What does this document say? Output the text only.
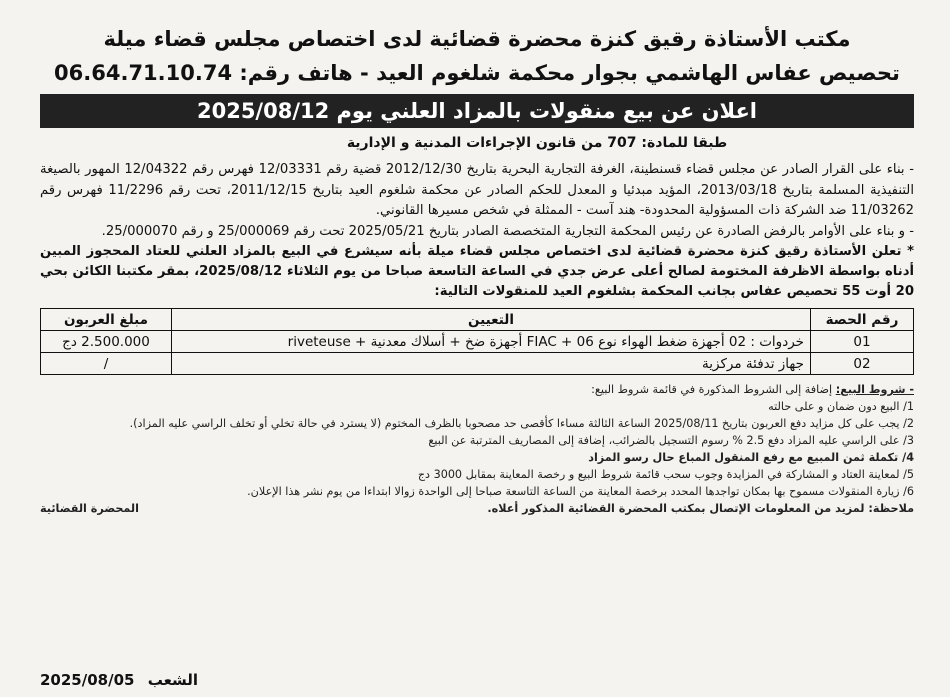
مكتب الأستاذة رقيق كنزة محضرة قضائية لدى اختصاص مجلس قضاء ميلة
تحصيص عفاس الهاشمي بجوار محكمة شلغوم العيد - هاتف رقم: 06.64.71.10.74
اعلان عن بيع منقولات بالمزاد العلني يوم 2025/08/12
طبقا للمادة: 707 من قانون الإجراءات المدنية و الإدارية
- بناء على القرار الصادر عن مجلس قضاء قسنطينة، الغرفة التجارية البحرية بتاريخ 2012/12/30 قضية رقم 12/03331 فهرس رقم 12/04322 المهور بالصيغة التنفيذية المسلمة بتاريخ 2013/03/18، المؤيد مبدئيا و المعدل للحكم الصادر عن محكمة شلغوم العيد بتاريخ 2011/12/15، تحت رقم 11/2296 فهرس رقم 11/03262 ضد الشركة ذات المسؤولية المحدودة- هند آست - الممثلة في شخص مسيرها القانوني.
- و بناء على الأوامر بالرفض الصادرة عن رئيس المحكمة التجارية المتخصصة الصادر بتاريخ 2025/05/21 تحت رقم 25/000069 و رقم 25/000070.
* تعلن الأستاذة رقيق كنزة محضرة قضائية لدى اختصاص مجلس قضاء ميلة بأنه سيشرع في البيع بالمزاد العلني للعتاد المحجوز المبين أدناه بواسطة الاظرفة المختومة لصالح أعلى عرض جدي في الساعة التاسعة صباحا من يوم الثلاثاء 2025/08/12، بمقر مكتبنا الكائن بحي 20 أوت 55 تحصيص عفاس بجانب المحكمة بشلغوم العيد للمنقولات التالية:
رقم الحصة	التعيين	مبلغ العربون
01	خردوات : 02 أجهزة ضغط الهواء نوع FIAC + 06 أجهزة ضخ + أسلاك معدنية + riveteuse	2.500.000 دج
02	جهاز تدفئة مركزية	/
- شروط البيع: إضافة إلى الشروط المذكورة في قائمة شروط البيع:
1/ البيع دون ضمان و على حالته
2/ يجب على كل مزايد دفع العربون بتاريخ 2025/08/11 الساعة الثالثة مساءا كأقصى حد مصحوبا بالظرف المختوم (لا يسترد في حالة تخلي أو تخلف الراسي عليه المزاد).
3/ على الراسي عليه المزاد دفع 2.5 % رسوم التسجيل بالضرائب، إضافة إلى المصاريف المترتبة عن البيع
4/ تكملة ثمن المبيع مع رفع المنقول المباع حال رسو المزاد
5/ لمعاينة العتاد و المشاركة في المزايدة وجوب سحب قائمة شروط البيع و رخصة المعاينة بمقابل 3000 دج
6/ زيارة المنقولات مسموح بها بمكان تواجدها المحدد برخصة المعاينة من الساعة التاسعة صباحا إلى الواحدة زوالا ابتداءا من يوم نشر هذا الإعلان.
ملاحظة: لمزيد من المعلومات الإتصال بمكتب المحضرة القضائية المذكور أعلاه.
المحضرة القضائية
2025/08/05 الشعب
